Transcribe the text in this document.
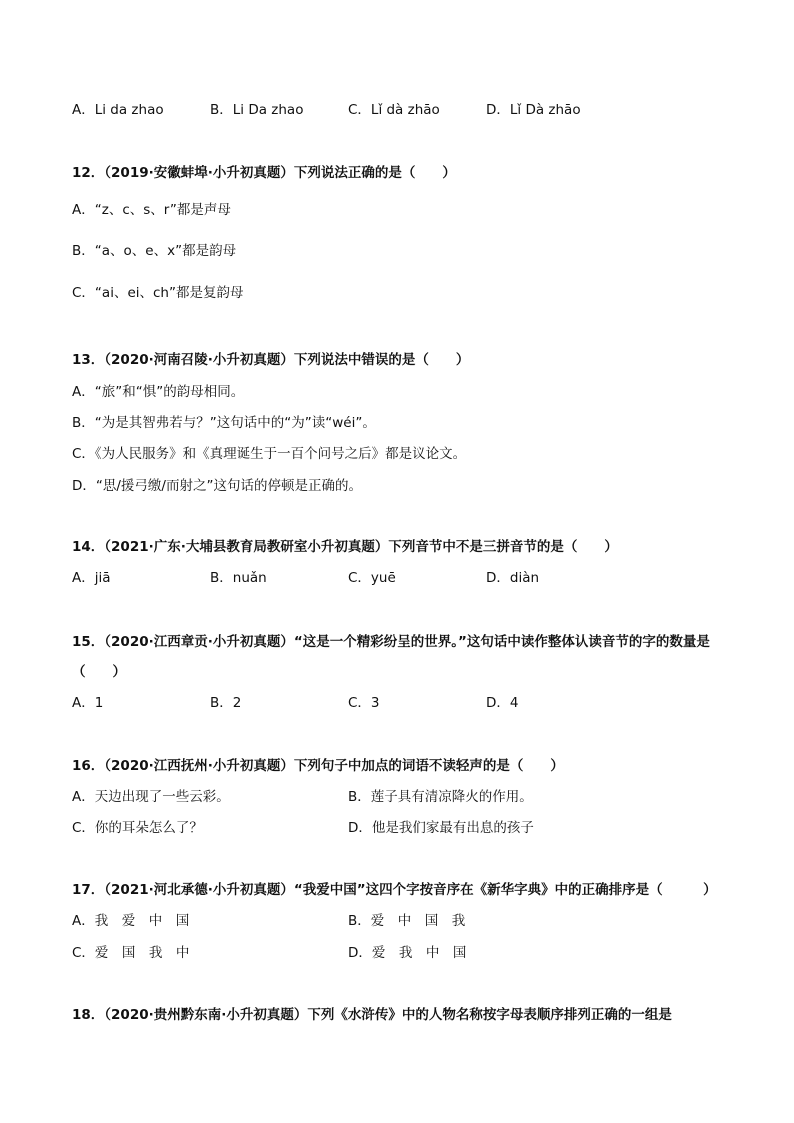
A．Li da zhao	B．Li Da zhao	C．Lǐ dà zhāo	D．Lǐ Dà zhāo
12．（2019·安徽蚌埠·小升初真题）下列说法正确的是（　　）
A．“z、c、s、r”都是声母
B．“a、o、e、x”都是韵母
C．“ai、ei、ch”都是复韵母
13．（2020·河南召陵·小升初真题）下列说法中错误的是（　　）
A．“旅”和“惧”的韵母相同。
B．“为是其智弗若与？”这句话中的“为”读“wéi”。
C．《为人民服务》和《真理诞生于一百个问号之后》都是议论文。
D．“思/援弓缴/而射之”这句话的停顿是正确的。
14．（2021·广东·大埔县教育局教研室小升初真题）下列音节中不是三拼音节的是（　　）
A．jiā	B．nuǎn	C．yuē	D．diàn
15．（2020·江西章贡·小升初真题）“这是一个精彩纷呈的世界。”这句话中读作整体认读音节的字的数量是
（　　）
A．1	B．2	C．3	D．4
16．（2020·江西抚州·小升初真题）下列句子中加点的词语不读轻声的是（　　）
A．天边出现了一些云彩。	B．莲子具有清凉降火的作用。
C．你的耳朵怎么了？	D．他是我们家最有出息的孩子
17．（2021·河北承德·小升初真题）“我爱中国”这四个字按音序在《新华字典》中的正确排序是（　　　）
A．我　爱　中　国	B．爱　中　国　我
C．爱　国　我　中	D．爱　我　中　国
18．（2020·贵州黔东南·小升初真题）下列《水浒传》中的人物名称按字母表顺序排列正确的一组是
